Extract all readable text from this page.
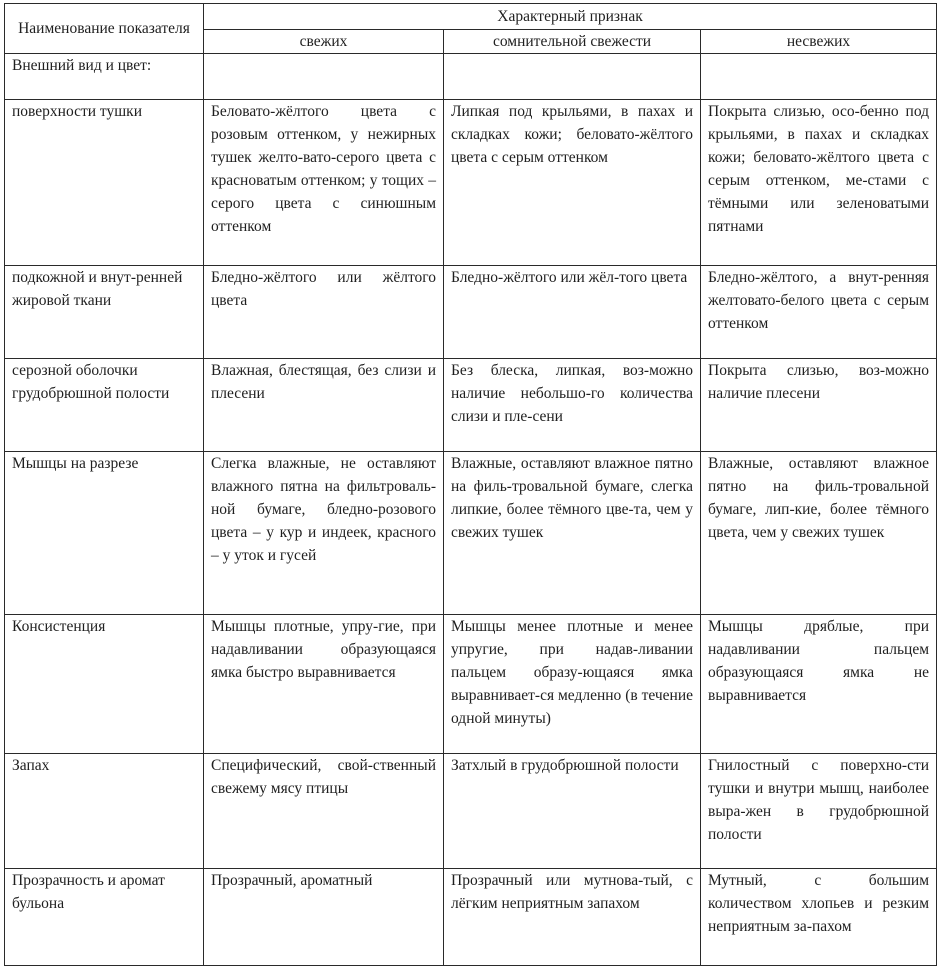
Наименование показателя	Характерный признак		
	свежих	сомнительной свежести	несвежих
Внешний вид и цвет:			
поверхности тушки	Беловато-жёлтого цвета с розовым оттенком, у нежирных тушек желто-вато-серого цвета с красноватым оттенком; у тощих – серого цвета с синюшным оттенком	Липкая под крыльями, в пахах и складках кожи; беловато-жёлтого цвета с серым оттенком	Покрыта слизью, осо-бенно под крыльями, в пахах и складках кожи; беловато-жёлтого цвета с серым оттенком, ме-стами с тёмными или зеленоватыми пятнами
подкожной и внут-ренней жировой ткани	Бледно-жёлтого или жёлтого цвета	Бледно-жёлтого или жёл-того цвета	Бледно-жёлтого, а внут-ренняя желтовато-белого цвета с серым оттенком
серозной оболочки грудобрюшной полости	Влажная, блестящая, без слизи и плесени	Без блеска, липкая, воз-можно наличие небольшо-го количества слизи и пле-сени	Покрыта слизью, воз-можно наличие плесени
Мышцы на разрезе	Слегка влажные, не оставляют влажного пятна на фильтроваль-ной бумаге, бледно-розового цвета – у кур и индеек, красного – у уток и гусей	Влажные, оставляют влажное пятно на филь-тровальной бумаге, слегка липкие, более тёмного цве-та, чем у свежих тушек	Влажные, оставляют влажное пятно на филь-тровальной бумаге, лип-кие, более тёмного цвета, чем у свежих тушек
Консистенция	Мышцы плотные, упру-гие, при надавливании образующаяся ямка быстро выравнивается	Мышцы менее плотные и менее упругие, при надав-ливании пальцем образу-ющаяся ямка выравнивает-ся медленно (в течение одной минуты)	Мышцы дряблые, при надавливании пальцем образующаяся ямка не выравнивается
Запах	Специфический, свой-ственный свежему мясу птицы	Затхлый в грудобрюшной полости	Гнилостный с поверхно-сти тушки и внутри мышц, наиболее выра-жен в грудобрюшной полости
Прозрачность и аромат бульона	Прозрачный, ароматный	Прозрачный или мутнова-тый, с лёгким неприятным запахом	Мутный, с большим количеством хлопьев и резким неприятным за-пахом
